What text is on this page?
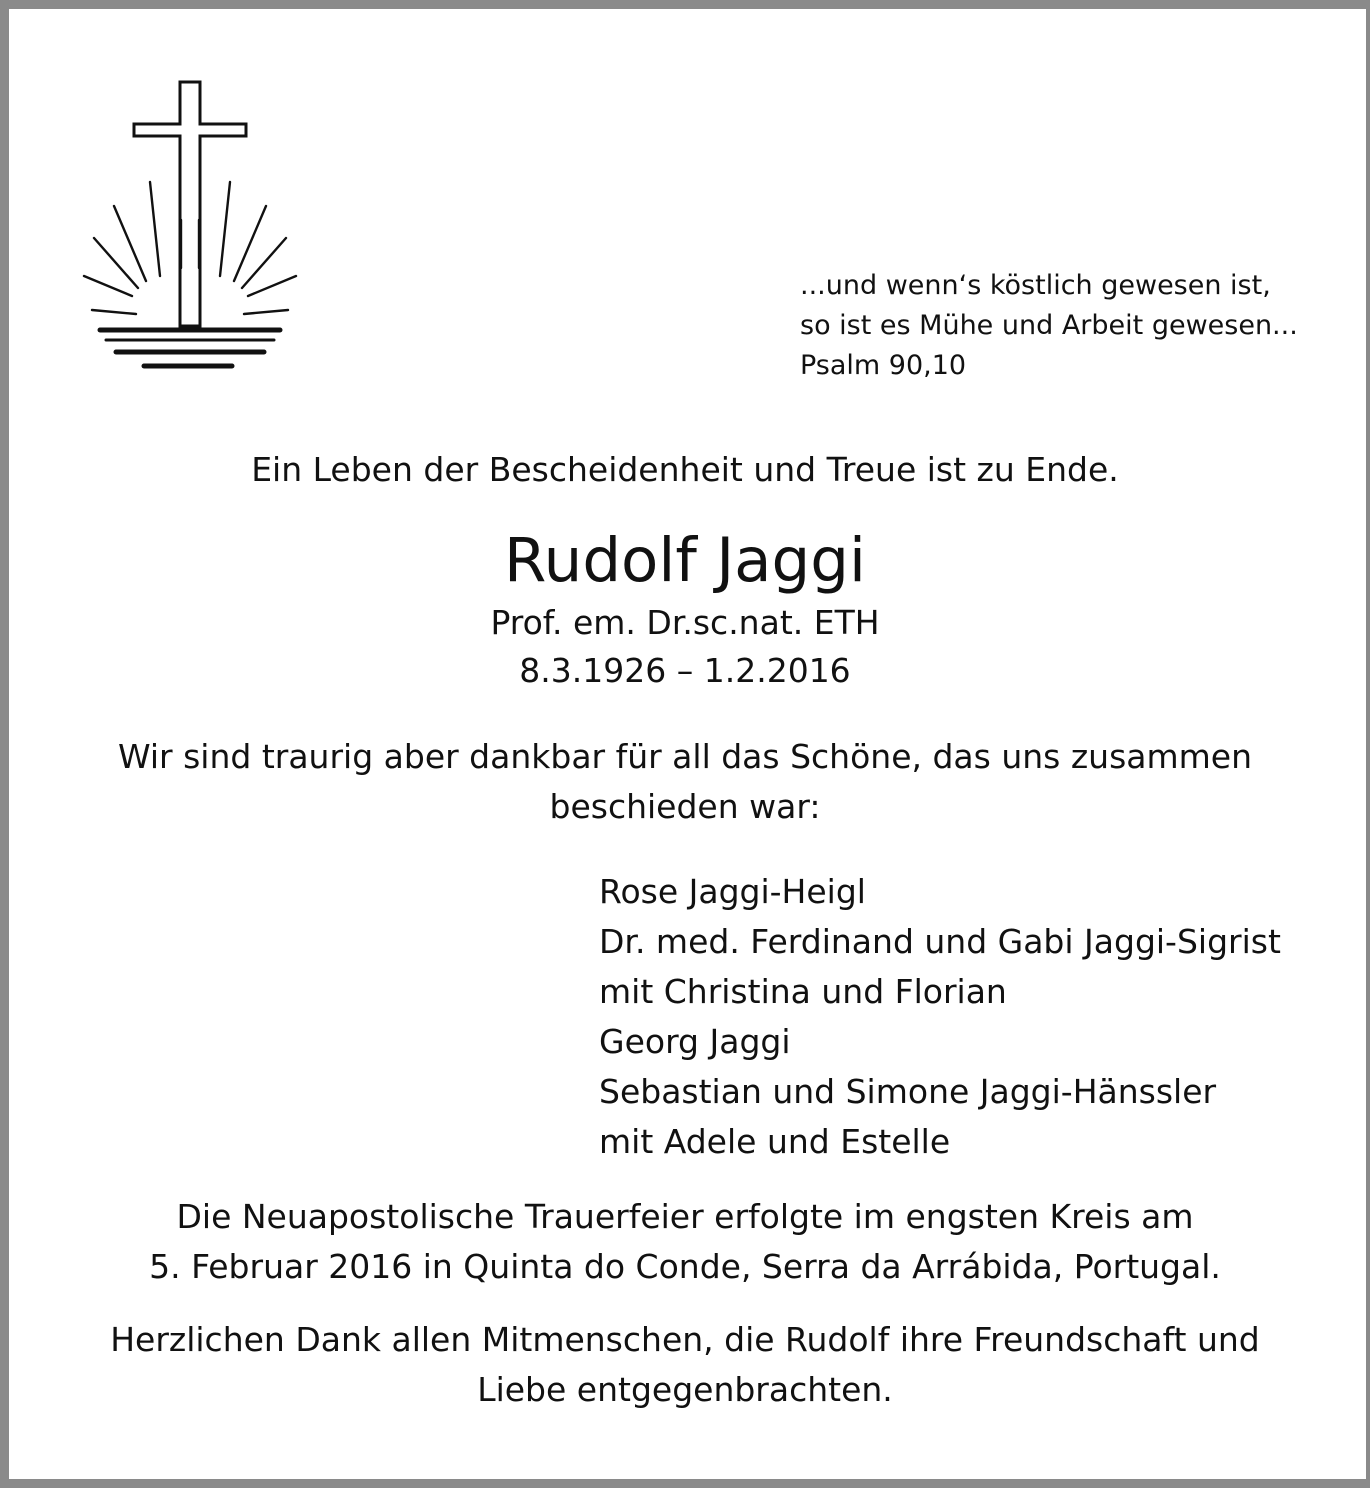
...und wenn‘s köstlich gewesen ist,
so ist es Mühe und Arbeit gewesen...
Psalm 90,10
Ein Leben der Bescheidenheit und Treue ist zu Ende.
Rudolf Jaggi
Prof. em. Dr.sc.nat. ETH
8.3.1926 – 1.2.2016
Wir sind traurig aber dankbar für all das Schöne, das uns zusammen
beschieden war:
Rose Jaggi-Heigl
Dr. med. Ferdinand und Gabi Jaggi-Sigrist
mit Christina und Florian
Georg Jaggi
Sebastian und Simone Jaggi-Hänssler
mit Adele und Estelle
Die Neuapostolische Trauerfeier erfolgte im engsten Kreis am
5. Februar 2016 in Quinta do Conde, Serra da Arrábida, Portugal.
Herzlichen Dank allen Mitmenschen, die Rudolf ihre Freundschaft und
Liebe entgegenbrachten.
